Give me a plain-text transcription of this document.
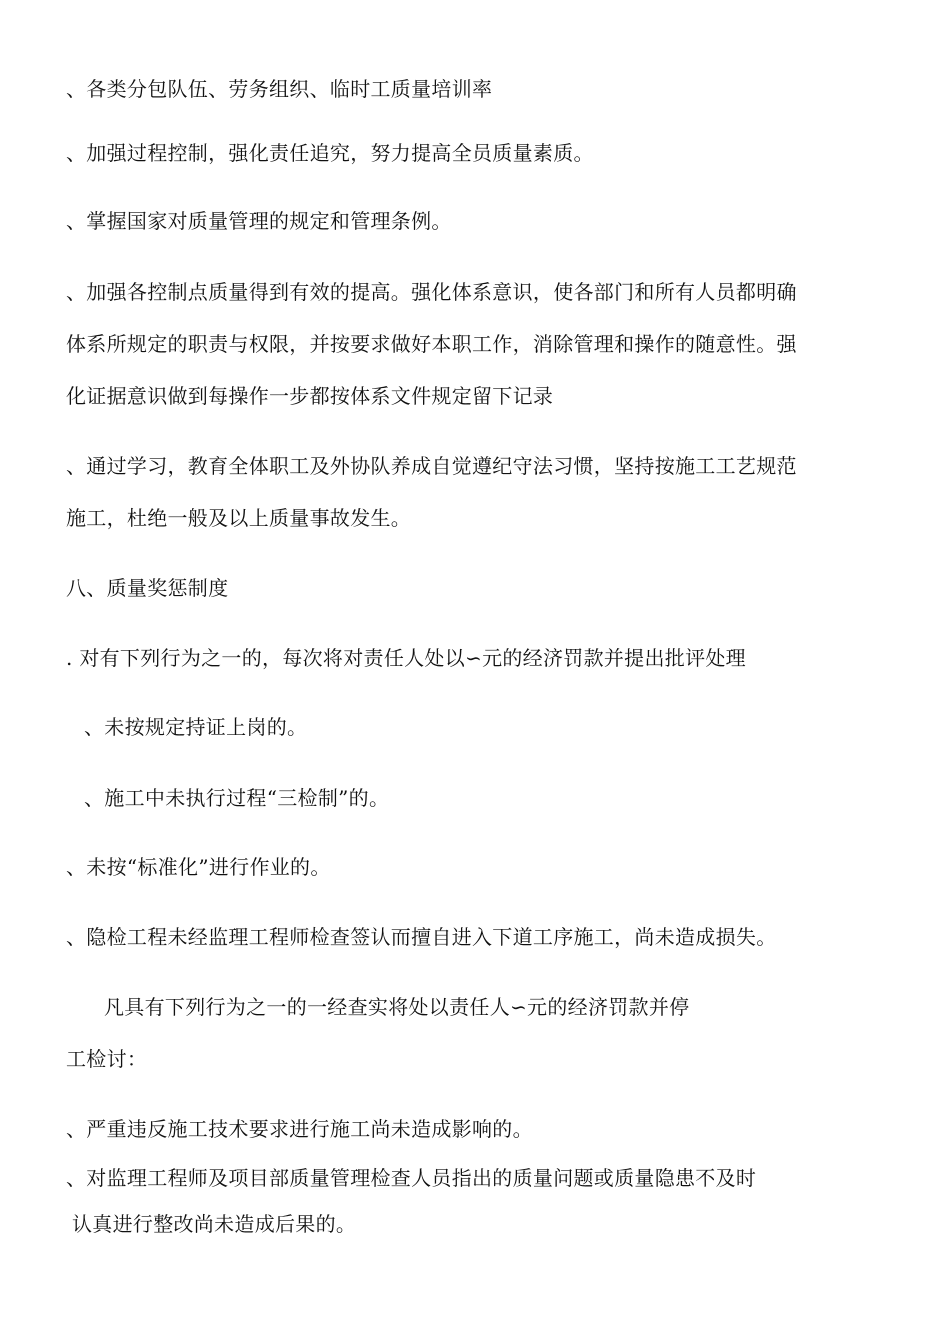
、各类分包队伍、劳务组织、临时工质量培训率
、加强过程控制，强化责任追究，努力提高全员质量素质。
、掌握国家对质量管理的规定和管理条例。
、加强各控制点质量得到有效的提高。强化体系意识，使各部门和所有人员都明确
体系所规定的职责与权限，并按要求做好本职工作，消除管理和操作的随意性。强
化证据意识做到每操作一步都按体系文件规定留下记录
、通过学习，教育全体职工及外协队养成自觉遵纪守法习惯，坚持按施工工艺规范
施工，杜绝一般及以上质量事故发生。
八、质量奖惩制度
. 对有下列行为之一的，每次将对责任人处以∽元的经济罚款并提出批评处理
、未按规定持证上岗的。
、施工中未执行过程“三检制”的。
、未按“标准化”进行作业的。
、隐检工程未经监理工程师检查签认而擅自进入下道工序施工，尚未造成损失。
凡具有下列行为之一的一经查实将处以责任人∽元的经济罚款并停
工检讨：
、严重违反施工技术要求进行施工尚未造成影响的。
、对监理工程师及项目部质量管理检查人员指出的质量问题或质量隐患不及时
认真进行整改尚未造成后果的。
